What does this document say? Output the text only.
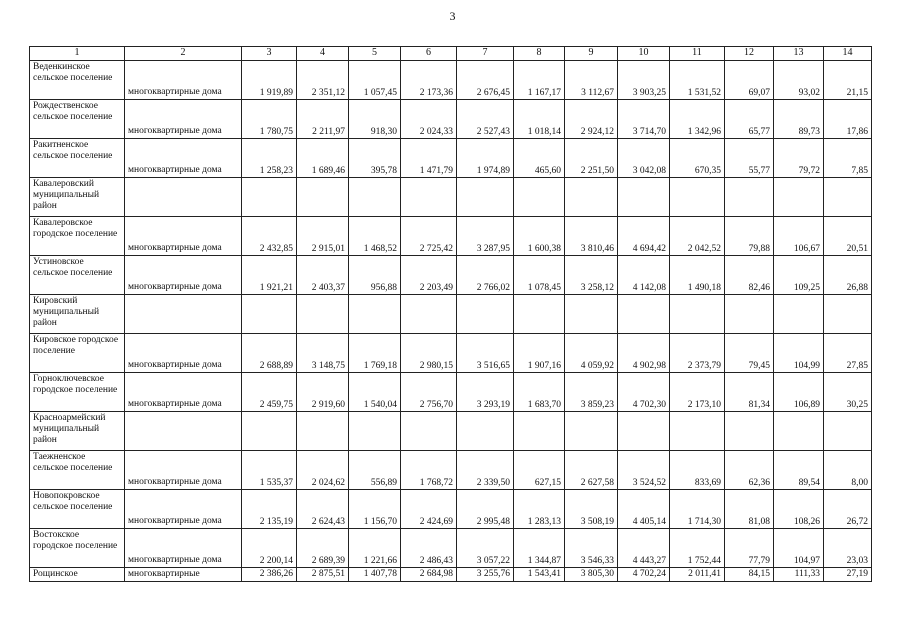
3
1	2	3	4	5	6	7	8	9	10	11	12	13	14
Веденкинское сельское поселение	многоквартирные дома	1 919,89	2 351,12	1 057,45	2 173,36	2 676,45	1 167,17	3 112,67	3 903,25	1 531,52	69,07	93,02	21,15
Рождественское сельское поселение	многоквартирные дома	1 780,75	2 211,97	918,30	2 024,33	2 527,43	1 018,14	2 924,12	3 714,70	1 342,96	65,77	89,73	17,86
Ракитненское сельское поселение	многоквартирные дома	1 258,23	1 689,46	395,78	1 471,79	1 974,89	465,60	2 251,50	3 042,08	670,35	55,77	79,72	7,85
Кавалеровский муниципальный район													
Кавалеровское городское поселение	многоквартирные дома	2 432,85	2 915,01	1 468,52	2 725,42	3 287,95	1 600,38	3 810,46	4 694,42	2 042,52	79,88	106,67	20,51
Устиновское сельское поселение	многоквартирные дома	1 921,21	2 403,37	956,88	2 203,49	2 766,02	1 078,45	3 258,12	4 142,08	1 490,18	82,46	109,25	26,88
Кировский муниципальный район													
Кировское городское поселение	многоквартирные дома	2 688,89	3 148,75	1 769,18	2 980,15	3 516,65	1 907,16	4 059,92	4 902,98	2 373,79	79,45	104,99	27,85
Горноключевское городское поселение	многоквартирные дома	2 459,75	2 919,60	1 540,04	2 756,70	3 293,19	1 683,70	3 859,23	4 702,30	2 173,10	81,34	106,89	30,25
Красноармейский муниципальный район													
Таежненское сельское поселение	многоквартирные дома	1 535,37	2 024,62	556,89	1 768,72	2 339,50	627,15	2 627,58	3 524,52	833,69	62,36	89,54	8,00
Новопокровское сельское поселение	многоквартирные дома	2 135,19	2 624,43	1 156,70	2 424,69	2 995,48	1 283,13	3 508,19	4 405,14	1 714,30	81,08	108,26	26,72
Востокское городское поселение	многоквартирные дома	2 200,14	2 689,39	1 221,66	2 486,43	3 057,22	1 344,87	3 546,33	4 443,27	1 752,44	77,79	104,97	23,03
Рощинское	многоквартирные	2 386,26	2 875,51	1 407,78	2 684,98	3 255,76	1 543,41	3 805,30	4 702,24	2 011,41	84,15	111,33	27,19
